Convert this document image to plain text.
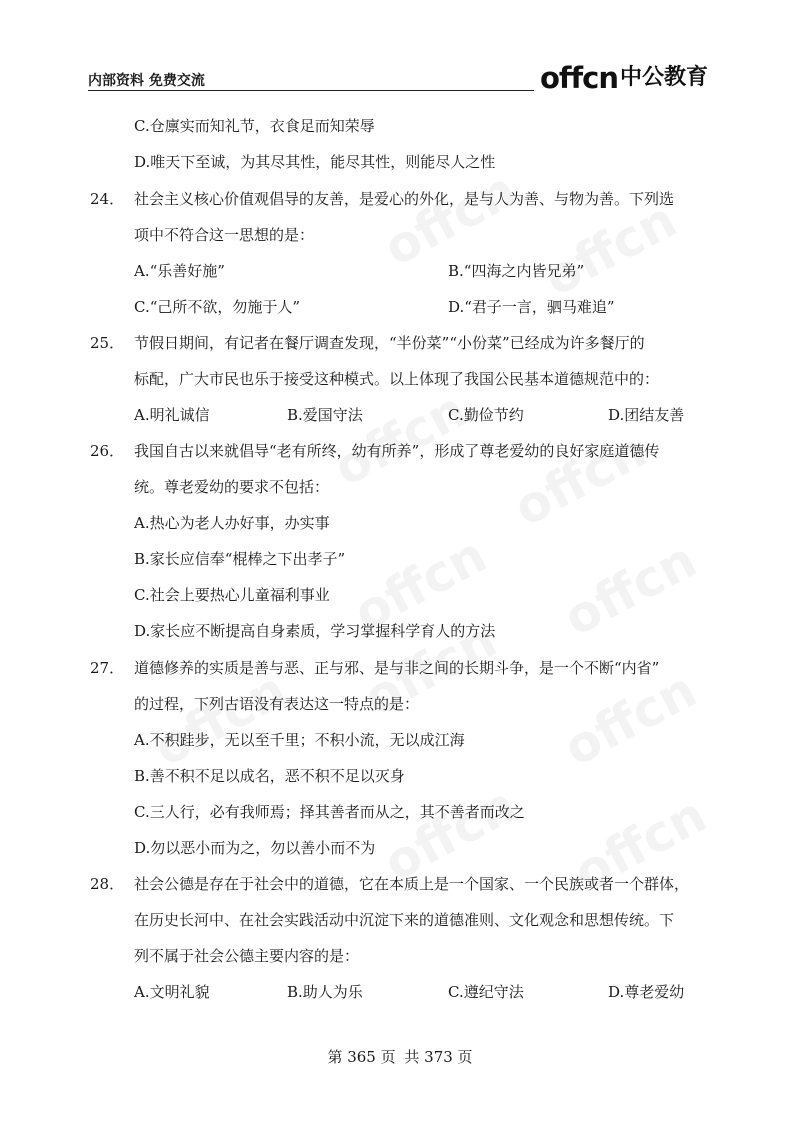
内部资料 免费交流	offcn 中公教育
C.仓廪实而知礼节，衣食足而知荣辱
D.唯天下至诚，为其尽其性，能尽其性，则能尽人之性
24． 社会主义核心价值观倡导的友善，是爱心的外化，是与人为善、与物为善。下列选
项中不符合这一思想的是：
A.“乐善好施”	B.“四海之内皆兄弟”
C.“己所不欲，勿施于人”	D.“君子一言，驷马难追”
25． 节假日期间，有记者在餐厅调查发现，“半份菜”“小份菜”已经成为许多餐厅的
标配，广大市民也乐于接受这种模式。以上体现了我国公民基本道德规范中的：
A.明礼诚信	B.爱国守法	C.勤俭节约	D.团结友善
26． 我国自古以来就倡导“老有所终，幼有所养”，形成了尊老爱幼的良好家庭道德传
统。尊老爱幼的要求不包括：
A.热心为老人办好事，办实事
B.家长应信奉“棍棒之下出孝子”
C.社会上要热心儿童福利事业
D.家长应不断提高自身素质，学习掌握科学育人的方法
27． 道德修养的实质是善与恶、正与邪、是与非之间的长期斗争，是一个不断“内省”
的过程，下列古语没有表达这一特点的是：
A.不积跬步，无以至千里；不积小流，无以成江海
B.善不积不足以成名，恶不积不足以灭身
C.三人行，必有我师焉；择其善者而从之，其不善者而改之
D.勿以恶小而为之，勿以善小而不为
28． 社会公德是存在于社会中的道德，它在本质上是一个国家、一个民族或者一个群体，
在历史长河中、在社会实践活动中沉淀下来的道德准则、文化观念和思想传统。下
列不属于社会公德主要内容的是：
A.文明礼貌	B.助人为乐	C.遵纪守法	D.尊老爱幼
第 365 页 共 373 页
